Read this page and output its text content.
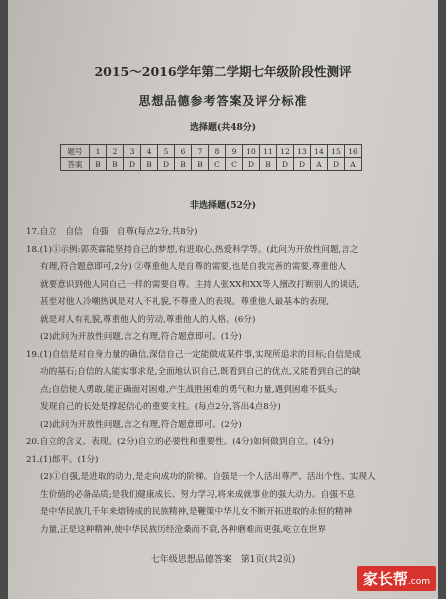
2015～2016学年第二学期七年级阶段性测评
思想品德参考答案及评分标准
选择题(共48分)
题号	1	2	3	4	5	6	7	8	9	10	11	12	13	14	15	16
答案	B	B	D	B	D	B	B	C	C	D	B	D	D	A	D	A
非选择题(52分)

17.自立　自信　自强　自尊(每点2分,共8分)

18.(1)①示例:郭英霖能坚持自己的梦想,有进取心,热爱科学等。(此问为开放性问题,言之

有理,符合题意即可,2分) ②尊重他人是自尊的需要,也是自我完善的需要,尊重他人

就要意识到他人同自己一样的需要自尊。主持人张XX和XX等人擅改打断别人的谈话,

甚至对他人冷嘲热讽是对人不礼貌,不尊重人的表现。尊重他人最基本的表现,

就是对人有礼貌,尊重他人的劳动,尊重他人的人格。(6分)

(2)此问为开放性问题,言之有理,符合题意即可。(1分)

19.(1)自信是对自身力量的确信,深信自己一定能做成某件事,实现所追求的目标;自信是成

功的基石;自信的人能实事求是,全面地认识自己,既看到自己的优点,又能看到自己的缺

点;自信使人勇敢,能正确面对困难,产生战胜困难的勇气和力量,遇到困难不低头;

发现自己的长处是撑起信心的重要支柱。(每点2分,答出4点8分)

(2)此问为开放性问题,言之有理,符合题意即可。(2分)

20.自立的含义、表现。(2分)自立的必要性和重要性。(4分)如何做到自立。(4分)

21.(1)郎平。(1分)

(2)①自强,是进取的动力,是走向成功的阶梯。自强是一个人活出尊严、活出个性、实现人

生价值的必备品质;是我们健康成长、努力学习,将来成就事业的强大动力。自强不息

是中华民族几千年来熔铸成的民族精神,是鞭策中华儿女不断开拓进取的永恒的精神

力量,正是这种精神,使中华民族历经沧桑而不衰,各种磨难而更强,屹立在世界

七年级思想品德答案　第1页(共2页)
家长帮.com
